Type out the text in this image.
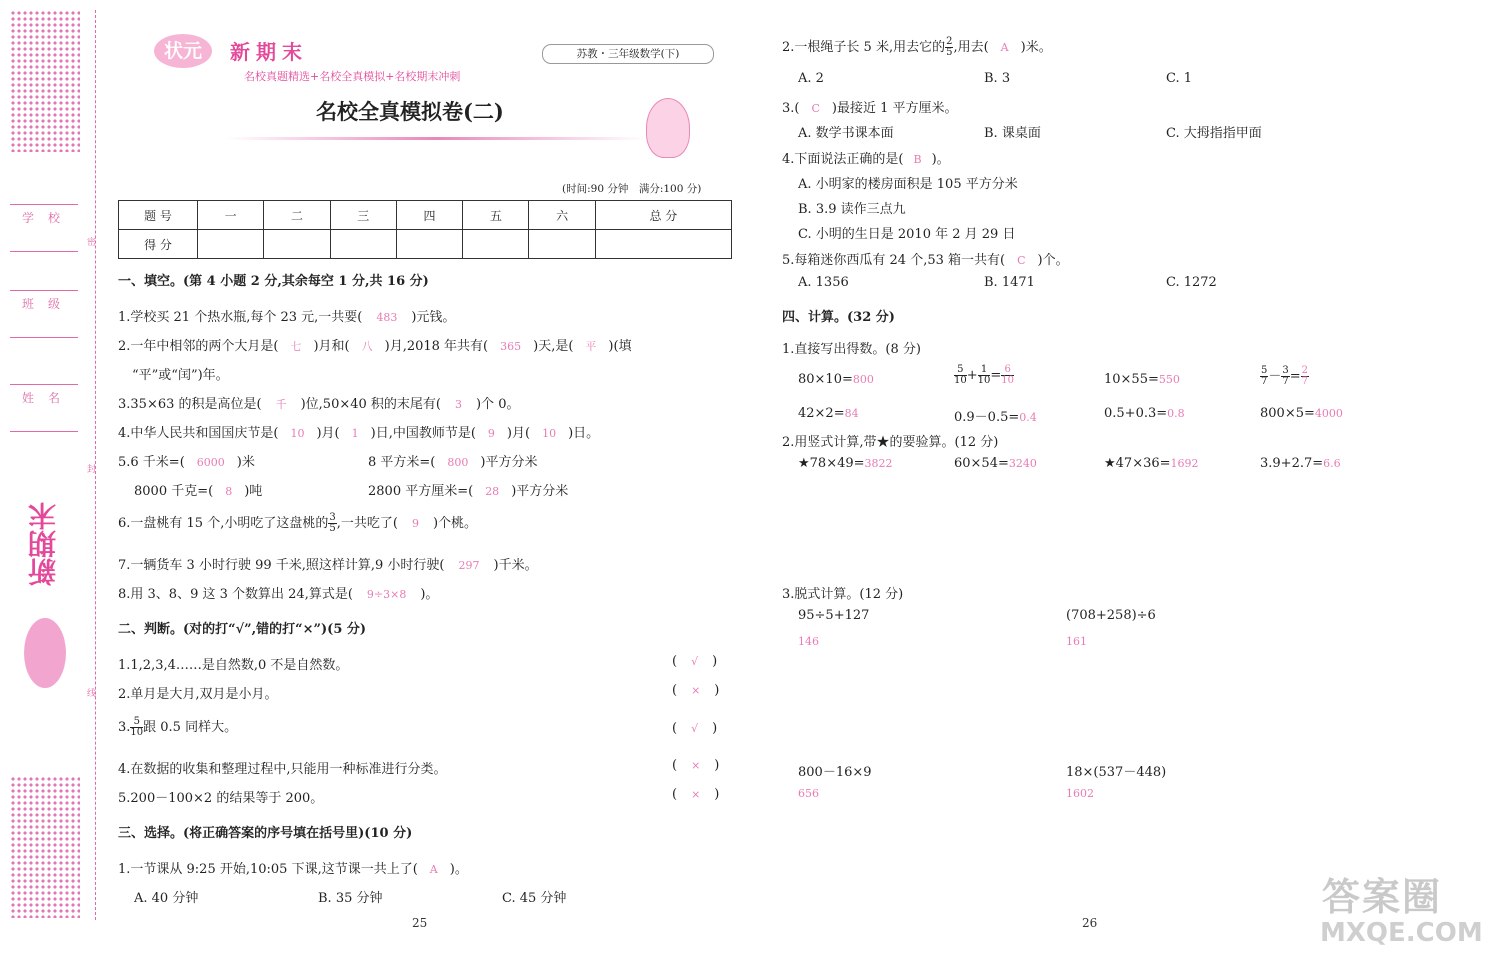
学校
班级
姓名
密
封
线
新期末
状元	新期末
名校真题精选+名校全真模拟+名校期末冲刺
苏教・三年级数学(下)
名校全真模拟卷(二)
(时间:90 分钟　满分:100 分)
题 号	一	二	三	四	五	六	总 分
得 分							
一、填空。(第 4 小题 2 分,其余每空 1 分,共 16 分)
1.学校买 21 个热水瓶,每个 23 元,一共要( 483 )元钱。
2.一年中相邻的两个大月是( 七 )月和( 八 )月,2018 年共有( 365 )天,是( 平 )(填
“平”或“闰”)年。
3.35×63 的积是高位是( 千 )位,50×40 积的末尾有( 3 )个 0。
4.中华人民共和国国庆节是( 10 )月( 1 )日,中国教师节是( 9 )月( 10 )日。
5.6 千米=( 6000 )米	8 平方米=( 800 )平方分米
8000 千克=( 8 )吨	2800 平方厘米=( 28 )平方分米
6.一盘桃有 15 个,小明吃了这盘桃的 $\frac{3}{5}$,一共吃了( 9 )个桃。
7.一辆货车 3 小时行驶 99 千米,照这样计算,9 小时行驶( 297 )千米。
8.用 3、8、9 这 3 个数算出 24,算式是( 9÷3×8 )。
二、判断。(对的打“√”,错的打“×”)(5 分)
1.1,2,3,4……是自然数,0 不是自然数。	( √ )
2.单月是大月,双月是小月。	( × )
3. $\frac{5}{10}$跟 0.5 同样大。	( √ )
4.在数据的收集和整理过程中,只能用一种标准进行分类。	( × )
5.200－100×2 的结果等于 200。	( × )
三、选择。(将正确答案的序号填在括号里)(10 分)
1.一节课从 9:25 开始,10:05 下课,这节课一共上了( A )。
A. 40 分钟	B. 35 分钟	C. 45 分钟
25
2.一根绳子长 5 米,用去它的 $\frac{2}{5}$,用去( A )米。
A. 2	B. 3	C. 1
3.( C )最接近 1 平方厘米。
A. 数学书课本面	B. 课桌面	C. 大拇指指甲面
4.下面说法正确的是( B )。
A. 小明家的楼房面积是 105 平方分米
B. 3.9 读作三点九
C. 小明的生日是 2010 年 2 月 29 日
5.每箱迷你西瓜有 24 个,53 箱一共有( C )个。
A. 1356	B. 1471	C. 1272
四、计算。(32 分)
1.直接写出得数。(8 分)
80×10=800	$\frac{5}{10}+ \frac{1}{10}= \frac{6}{10}$	10×55=550	$\frac{5}{7}- \frac{3}{7}= \frac{2}{7}$
42×2=84	0.9－0.5=0.4	0.5+0.3=0.8	800×5=4000
2.用竖式计算,带★的要验算。(12 分)
★78×49=3822	60×54=3240	★47×36=1692	3.9+2.7=6.6
3.脱式计算。(12 分)
95÷5+127
146
(708+258)÷6
161
800－16×9
656
18×(537－448)
1602
26
答案圈
MXQE.COM
